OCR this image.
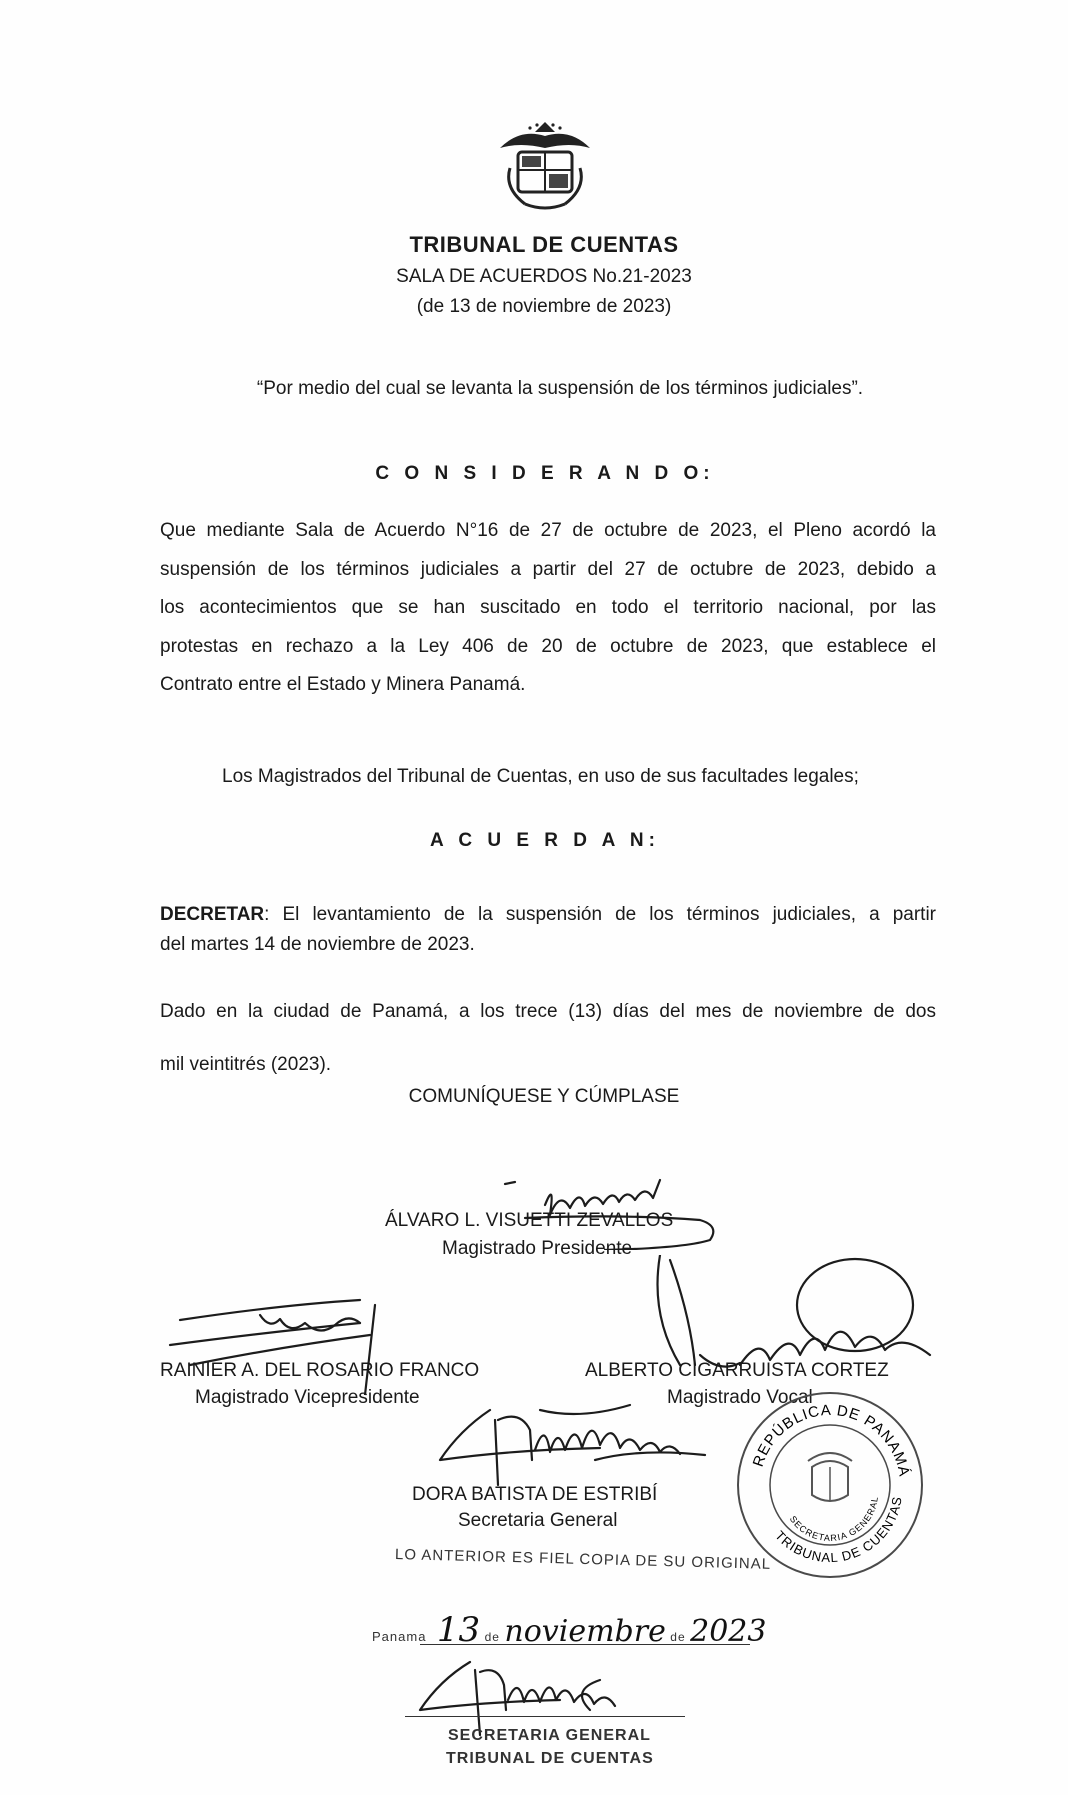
TRIBUNAL DE CUENTAS
SALA DE ACUERDOS No.21-2023
(de 13 de noviembre de 2023)
“Por medio del cual se levanta la suspensión de los términos judiciales”.
C O N S I D E R A N D O:
Que mediante Sala de Acuerdo N°16 de 27 de octubre de 2023, el Pleno acordó la
suspensión de los términos judiciales a partir del 27 de octubre de 2023, debido a
los acontecimientos que se han suscitado en todo el territorio nacional, por las
protestas en rechazo a la Ley 406 de 20 de octubre de 2023, que establece el
Contrato entre el Estado y Minera Panamá.
Los Magistrados del Tribunal de Cuentas, en uso de sus facultades legales;
A C U E R D A N:
DECRETAR: El levantamiento de la suspensión de los términos judiciales, a partir
del martes 14 de noviembre de 2023.
Dado en la ciudad de Panamá, a los trece (13) días del mes de noviembre de dos
mil veintitrés (2023).
COMUNÍQUESE Y CÚMPLASE
ÁLVARO L. VISUETTI ZEVALLOS
Magistrado Presidente
RAINIER A. DEL ROSARIO FRANCO
Magistrado Vicepresidente
ALBERTO CIGARRUISTA CORTEZ
Magistrado Vocal
REPÚBLICA DE PANAMÁ
TRIBUNAL DE CUENTAS
SECRETARIA GENERAL
DORA BATISTA DE ESTRIBÍ
Secretaria General
LO ANTERIOR ES FIEL COPIA DE SU ORIGINAL
Panama 13 de noviembre de 2023
SECRETARIA GENERAL
TRIBUNAL DE CUENTAS
